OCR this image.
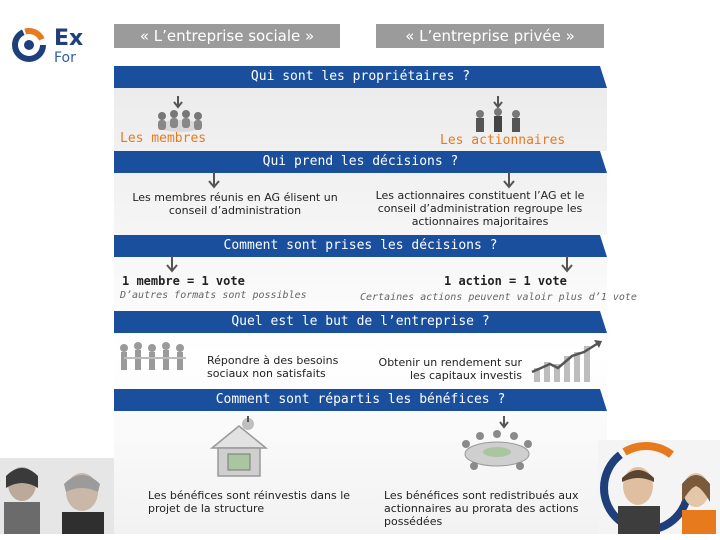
Ex
For
« L’entreprise sociale »	« L’entreprise privée »
Qui sont les propriétaires ?
Les membres	Les actionnaires
Qui prend les décisions ?
Les membres réunis en AG élisent un conseil d’administration
Les actionnaires constituent l’AG et le conseil d’administration regroupe les actionnaires majoritaires
Comment sont prises les décisions ?
1 membre = 1 vote
D’autres formats sont possibles
1 action = 1 vote
Certaines actions peuvent valoir plus d’1 vote
Quel est le but de l’entreprise ?
Répondre à des besoins sociaux non satisfaits
Obtenir un rendement sur les capitaux investis
Comment sont répartis les bénéfices ?
Les bénéfices sont réinvestis dans le projet de la structure
Les bénéfices sont redistribués aux actionnaires au prorata des actions possédées
